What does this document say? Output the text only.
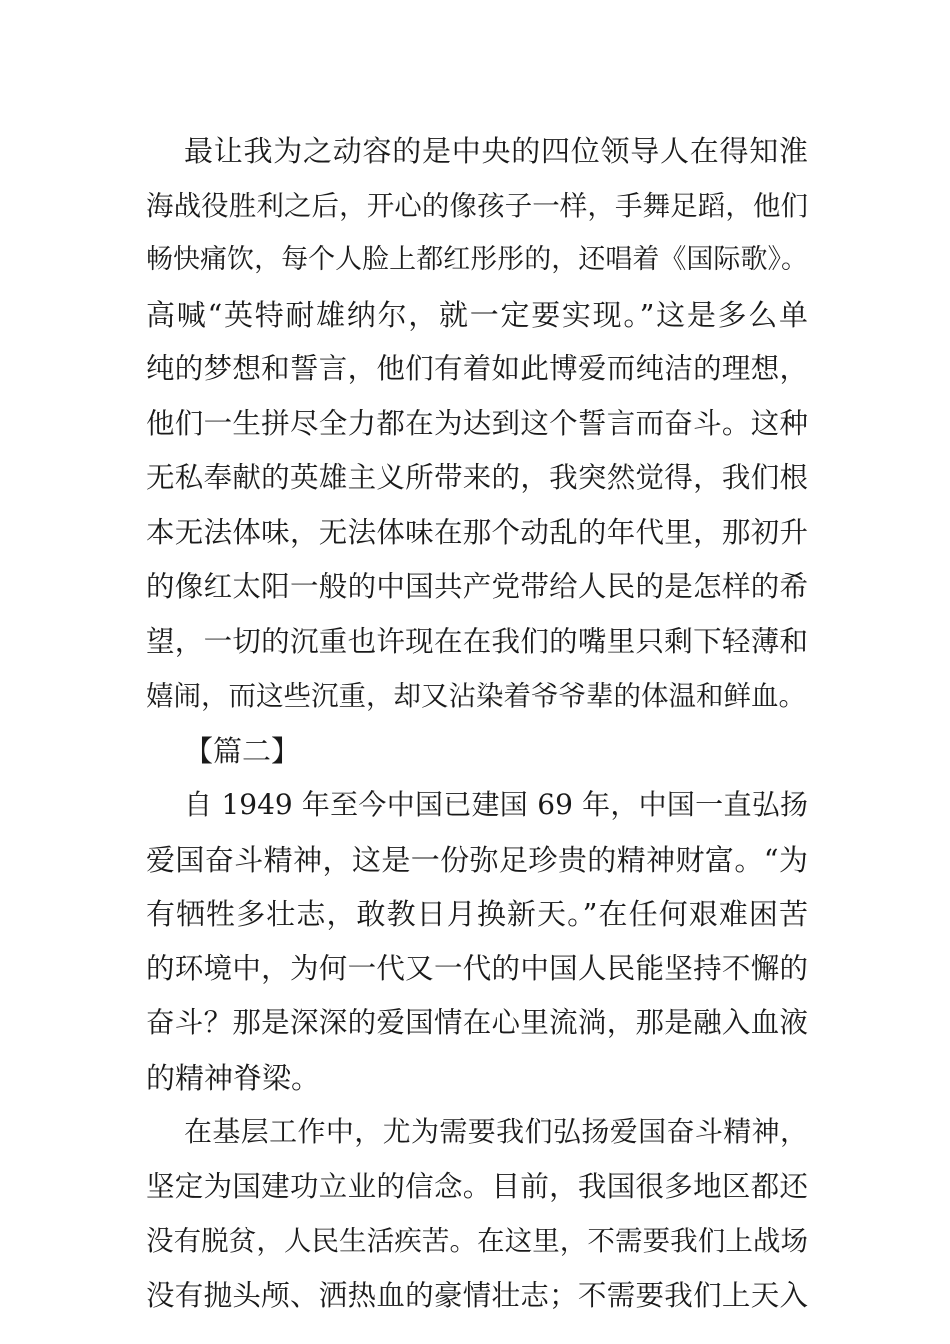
最让我为之动容的是中央的四位领导人在得知淮
海战役胜利之后，开心的像孩子一样，手舞足蹈，他们
畅快痛饮，每个人脸上都红彤彤的，还唱着《国际歌》。
高喊“英特耐雄纳尔，就一定要实现。”这是多么单
纯的梦想和誓言，他们有着如此博爱而纯洁的理想，
他们一生拼尽全力都在为达到这个誓言而奋斗。这种
无私奉献的英雄主义所带来的，我突然觉得，我们根
本无法体味，无法体味在那个动乱的年代里，那初升
的像红太阳一般的中国共产党带给人民的是怎样的希
望，一切的沉重也许现在在我们的嘴里只剩下轻薄和
嬉闹，而这些沉重，却又沾染着爷爷辈的体温和鲜血。
【篇二】
自 1949 年至今中国已建国 69 年，中国一直弘扬
爱国奋斗精神，这是一份弥足珍贵的精神财富。“为
有牺牲多壮志，敢教日月换新天。”在任何艰难困苦
的环境中，为何一代又一代的中国人民能坚持不懈的
奋斗？那是深深的爱国情在心里流淌，那是融入血液
的精神脊梁。
在基层工作中，尤为需要我们弘扬爱国奋斗精神，
坚定为国建功立业的信念。目前，我国很多地区都还
没有脱贫，人民生活疾苦。在这里，不需要我们上战场
没有抛头颅、洒热血的豪情壮志；不需要我们上天入
